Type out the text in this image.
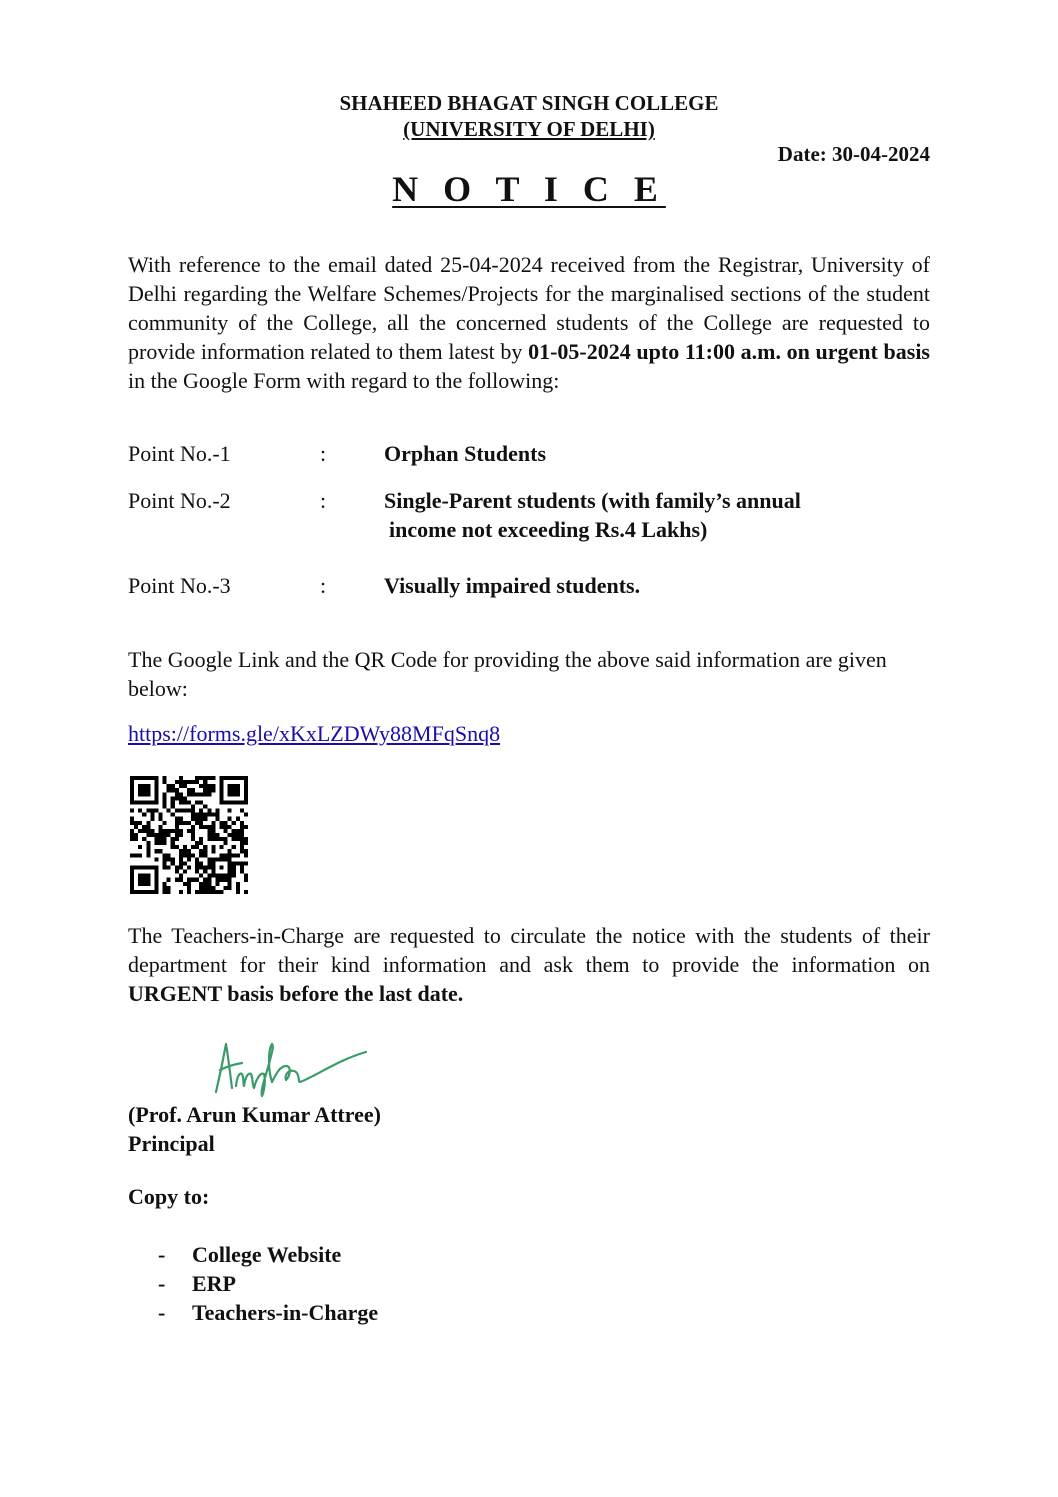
SHAHEED BHAGAT SINGH COLLEGE
(UNIVERSITY OF DELHI)
Date: 30-04-2024
N O T I C E

With reference to the email dated 25-04-2024 received from the Registrar, University of Delhi regarding the Welfare Schemes/Projects for the marginalised sections of the student community of the College, all the concerned students of the College are requested to provide information related to them latest by 01-05-2024 upto 11:00 a.m. on urgent basis in the Google Form with regard to the following:

Point No.-1	:	Orphan Students
Point No.-2	:	Single-Parent students (with family’s annual
income not exceeding Rs.4 Lakhs)
Point No.-3	:	Visually impaired students.

The Google Link and the QR Code for providing the above said information are given below:

https://forms.gle/xKxLZDWy88MFqSnq8

The Teachers-in-Charge are requested to circulate the notice with the students of their department for their kind information and ask them to provide the information on URGENT basis before the last date.

(Prof. Arun Kumar Attree)
Principal
Copy to:
- College Website
- ERP
- Teachers-in-Charge
